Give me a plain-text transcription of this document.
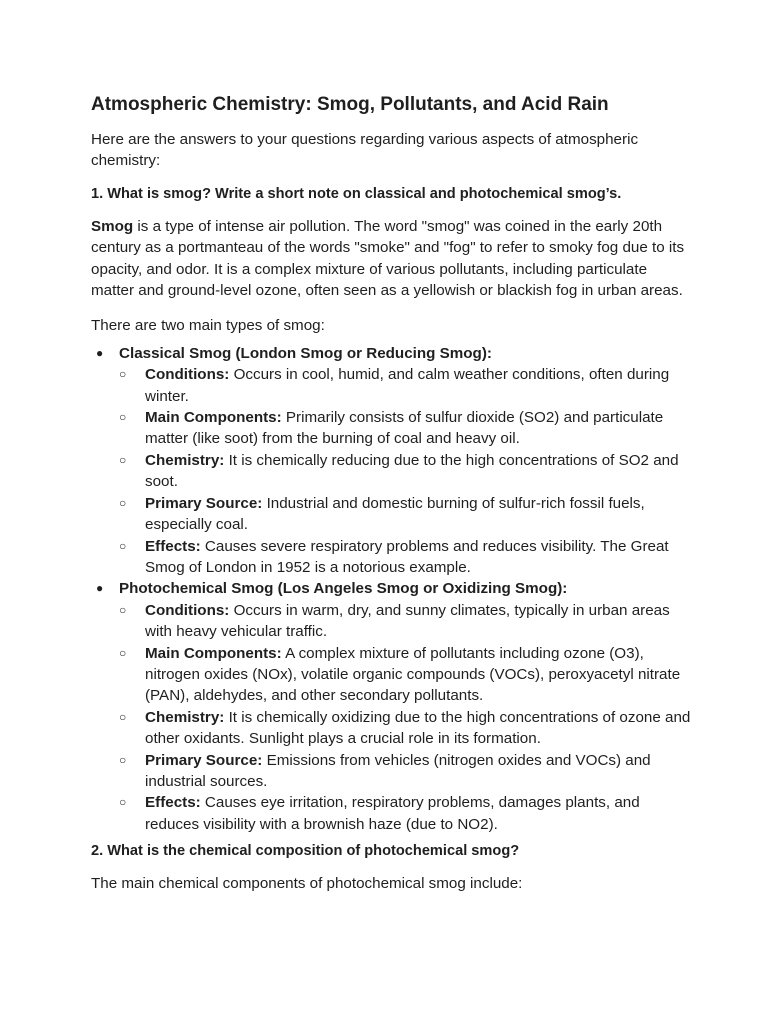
Atmospheric Chemistry: Smog, Pollutants, and Acid Rain

Here are the answers to your questions regarding various aspects of atmospheric chemistry:

1. What is smog? Write a short note on classical and photochemical smog’s.

Smog is a type of intense air pollution. The word "smog" was coined in the early 20th century as a portmanteau of the words "smoke" and "fog" to refer to smoky fog due to its opacity, and odor. It is a complex mixture of various pollutants, including particulate matter and ground-level ozone, often seen as a yellowish or blackish fog in urban areas.

There are two main types of smog:

● Classical Smog (London Smog or Reducing Smog):
○ Conditions: Occurs in cool, humid, and calm weather conditions, often during winter.
○ Main Components: Primarily consists of sulfur dioxide (SO2) and particulate matter (like soot) from the burning of coal and heavy oil.
○ Chemistry: It is chemically reducing due to the high concentrations of SO2 and soot.
○ Primary Source: Industrial and domestic burning of sulfur-rich fossil fuels, especially coal.
○ Effects: Causes severe respiratory problems and reduces visibility. The Great Smog of London in 1952 is a notorious example.
● Photochemical Smog (Los Angeles Smog or Oxidizing Smog):
○ Conditions: Occurs in warm, dry, and sunny climates, typically in urban areas with heavy vehicular traffic.
○ Main Components: A complex mixture of pollutants including ozone (O3), nitrogen oxides (NOx), volatile organic compounds (VOCs), peroxyacetyl nitrate (PAN), aldehydes, and other secondary pollutants.
○ Chemistry: It is chemically oxidizing due to the high concentrations of ozone and other oxidants. Sunlight plays a crucial role in its formation.
○ Primary Source: Emissions from vehicles (nitrogen oxides and VOCs) and industrial sources.
○ Effects: Causes eye irritation, respiratory problems, damages plants, and reduces visibility with a brownish haze (due to NO2).
2. What is the chemical composition of photochemical smog?

The main chemical components of photochemical smog include:
